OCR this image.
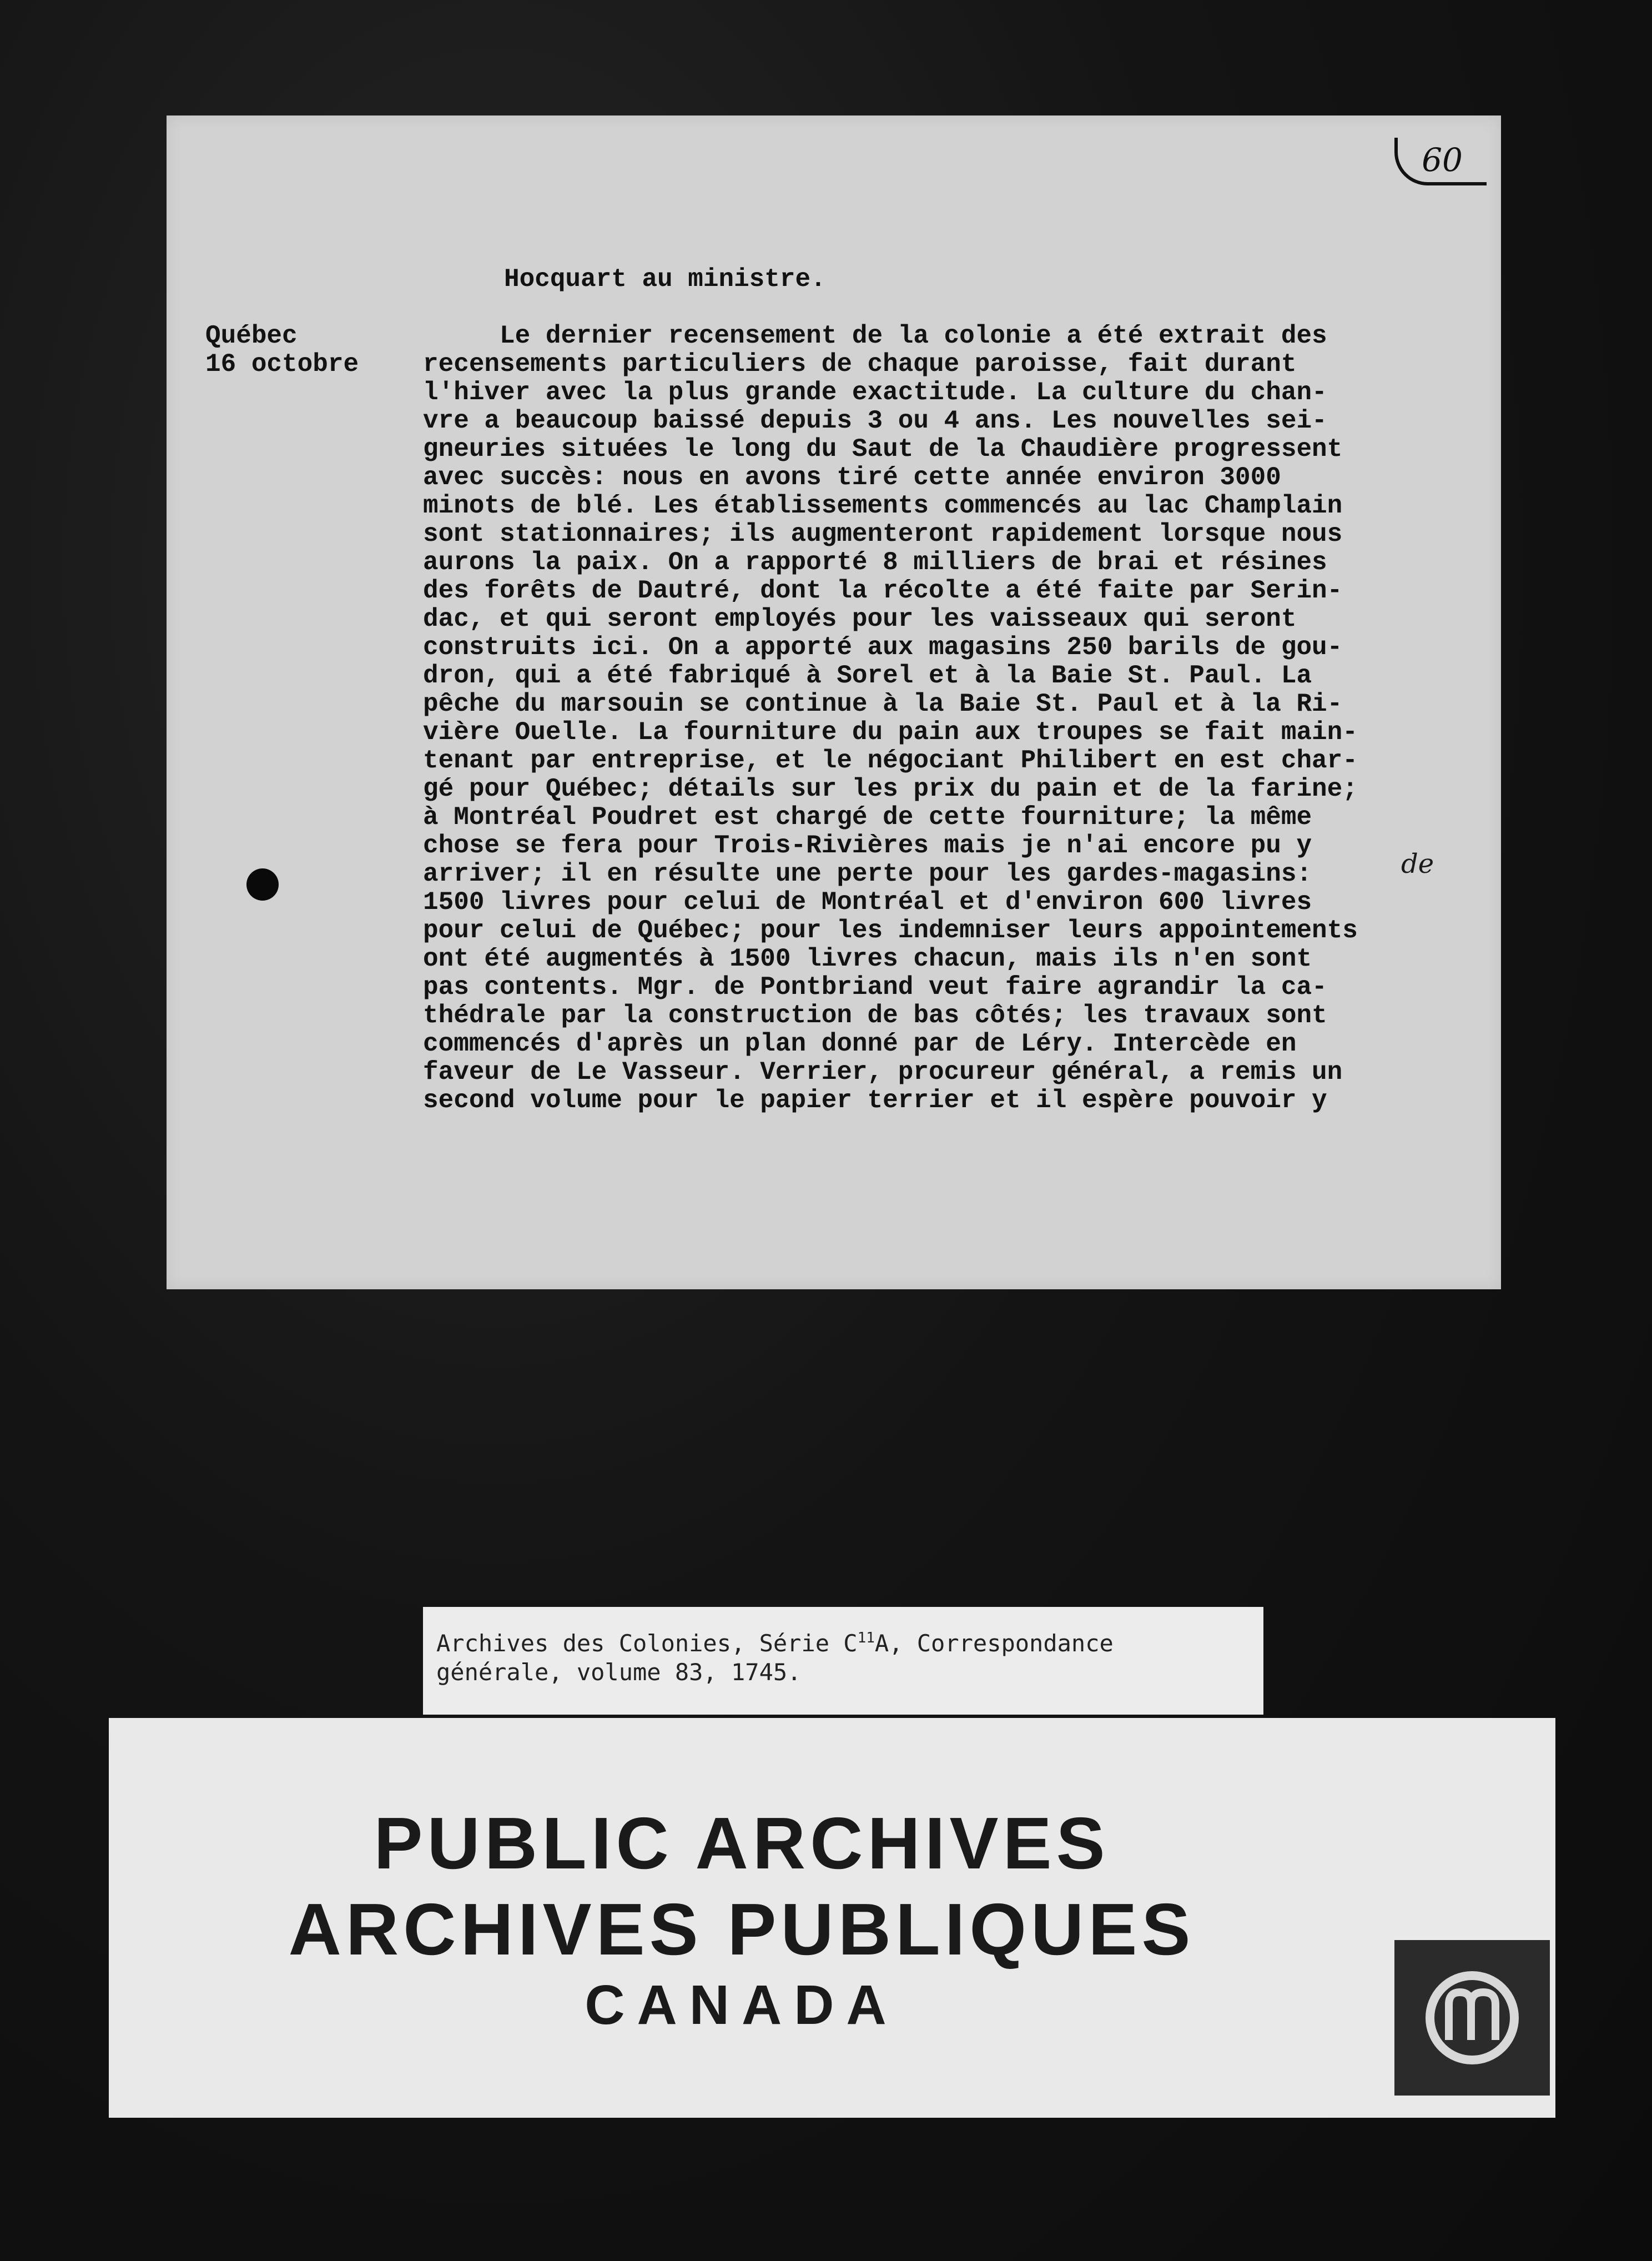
60
Hocquart au ministre.
Québec
16 octobre
Le dernier recensement de la colonie a été extrait des
recensements particuliers de chaque paroisse, fait durant
l'hiver avec la plus grande exactitude. La culture du chan-
vre a beaucoup baissé depuis 3 ou 4 ans. Les nouvelles sei-
gneuries situées le long du Saut de la Chaudière progressent
avec succès: nous en avons tiré cette année environ 3000
minots de blé. Les établissements commencés au lac Champlain
sont stationnaires; ils augmenteront rapidement lorsque nous
aurons la paix. On a rapporté 8 milliers de brai et résines
des forêts de Dautré, dont la récolte a été faite par Serin-
dac, et qui seront employés pour les vaisseaux qui seront
construits ici. On a apporté aux magasins 250 barils de gou-
dron, qui a été fabriqué à Sorel et à la Baie St. Paul. La
pêche du marsouin se continue à la Baie St. Paul et à la Ri-
vière Ouelle. La fourniture du pain aux troupes se fait main-
tenant par entreprise, et le négociant Philibert en est char-
gé pour Québec; détails sur les prix du pain et de la farine;
à Montréal Poudret est chargé de cette fourniture; la même
chose se fera pour Trois-Rivières mais je n'ai encore pu y
arriver; il en résulte une perte pour les gardes-magasins:
1500 livres pour celui de Montréal et d'environ 600 livres
pour celui de Québec; pour les indemniser leurs appointements
ont été augmentés à 1500 livres chacun, mais ils n'en sont
pas contents. Mgr. de Pontbriand veut faire agrandir la ca-
thédrale par la construction de bas côtés; les travaux sont
commencés d'après un plan donné par de Léry. Intercède en
faveur de Le Vasseur. Verrier, procureur général, a remis un
second volume pour le papier terrier et il espère pouvoir y
de
Archives des Colonies, Série $C^{11}A$, Correspondance
générale, volume 83, 1745.

PUBLIC ARCHIVES

ARCHIVES PUBLIQUES

CANADA
